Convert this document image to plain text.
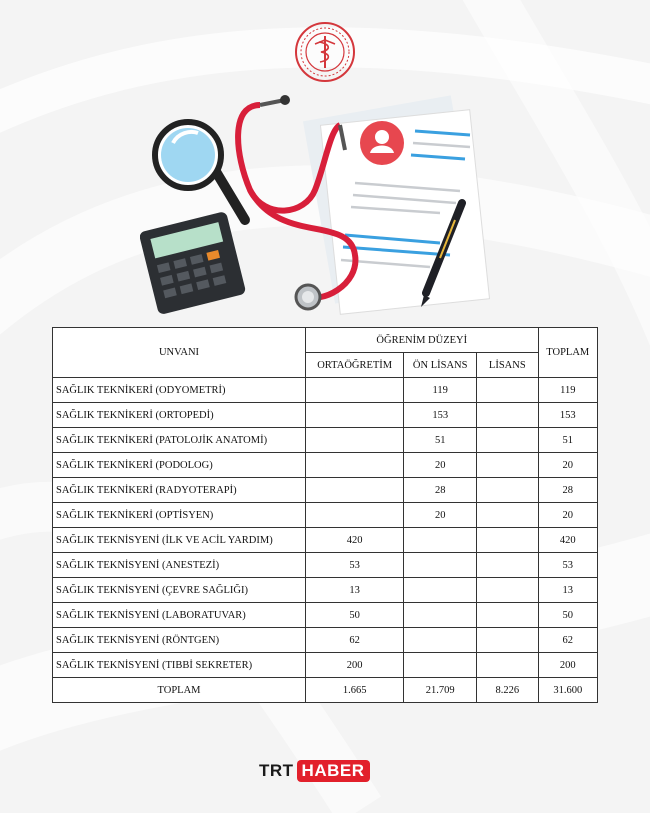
UNVANI	ÖĞRENİM DÜZEYİ			TOPLAM
	ORTAÖĞRETİM	ÖN LİSANS	LİSANS	
SAĞLIK TEKNİKERİ (ODYOMETRİ)		119		119
SAĞLIK TEKNİKERİ (ORTOPEDİ)		153		153
SAĞLIK TEKNİKERİ (PATOLOJİK ANATOMİ)		51		51
SAĞLIK TEKNİKERİ (PODOLOG)		20		20
SAĞLIK TEKNİKERİ (RADYOTERAPİ)		28		28
SAĞLIK TEKNİKERİ (OPTİSYEN)		20		20
SAĞLIK TEKNİSYENİ (İLK VE ACİL YARDIM)	420			420
SAĞLIK TEKNİSYENİ (ANESTEZİ)	53			53
SAĞLIK TEKNİSYENİ (ÇEVRE SAĞLIĞI)	13			13
SAĞLIK TEKNİSYENİ (LABORATUVAR)	50			50
SAĞLIK TEKNİSYENİ (RÖNTGEN)	62			62
SAĞLIK TEKNİSYENİ (TIBBİ SEKRETER)	200			200
TOPLAM	1.665	21.709	8.226	31.600
TRT HABER
